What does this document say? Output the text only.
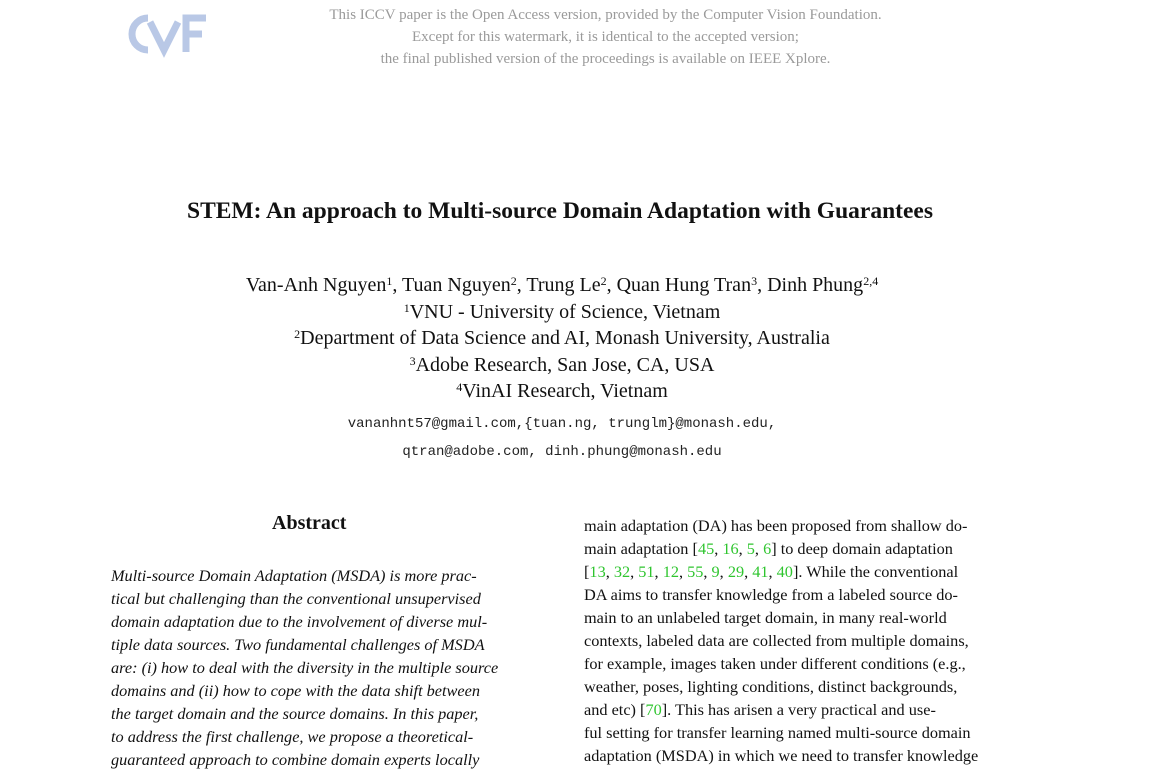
This ICCV paper is the Open Access version, provided by the Computer Vision Foundation.
Except for this watermark, it is identical to the accepted version;
the final published version of the proceedings is available on IEEE Xplore.
STEM: An approach to Multi-source Domain Adaptation with Guarantees
Van-Anh Nguyen$^1$, Tuan Nguyen$^2$, Trung Le$^2$, Quan Hung Tran$^3$, Dinh Phung$^{2,4}$
$^1$VNU - University of Science, Vietnam
$^2$Department of Data Science and AI, Monash University, Australia
$^3$Adobe Research, San Jose, CA, USA
$^4$VinAI Research, Vietnam
vananhnt57@gmail.com,{tuan.ng, trunglm}@monash.edu,
qtran@adobe.com, dinh.phung@monash.edu
Abstract
Multi-source Domain Adaptation (MSDA) is more prac-
tical but challenging than the conventional unsupervised
domain adaptation due to the involvement of diverse mul-
tiple data sources. Two fundamental challenges of MSDA
are: (i) how to deal with the diversity in the multiple source
domains and (ii) how to cope with the data shift between
the target domain and the source domains. In this paper,
to address the first challenge, we propose a theoretical-
guaranteed approach to combine domain experts locally
main adaptation (DA) has been proposed from shallow do-
main adaptation [ 45 , 16 , 5 , 6 ] to deep domain adaptation
[ 13 , 32 , 51 , 12 , 55 , 9 , 29 , 41 , 40 ]. While the conventional
DA aims to transfer knowledge from a labeled source do-
main to an unlabeled target domain, in many real-world
contexts, labeled data are collected from multiple domains,
for example, images taken under different conditions (e.g.,
weather, poses, lighting conditions, distinct backgrounds,
and etc) [ 70 ]. This has arisen a very practical and use-
ful setting for transfer learning named multi-source domain
adaptation (MSDA) in which we need to transfer knowledge
